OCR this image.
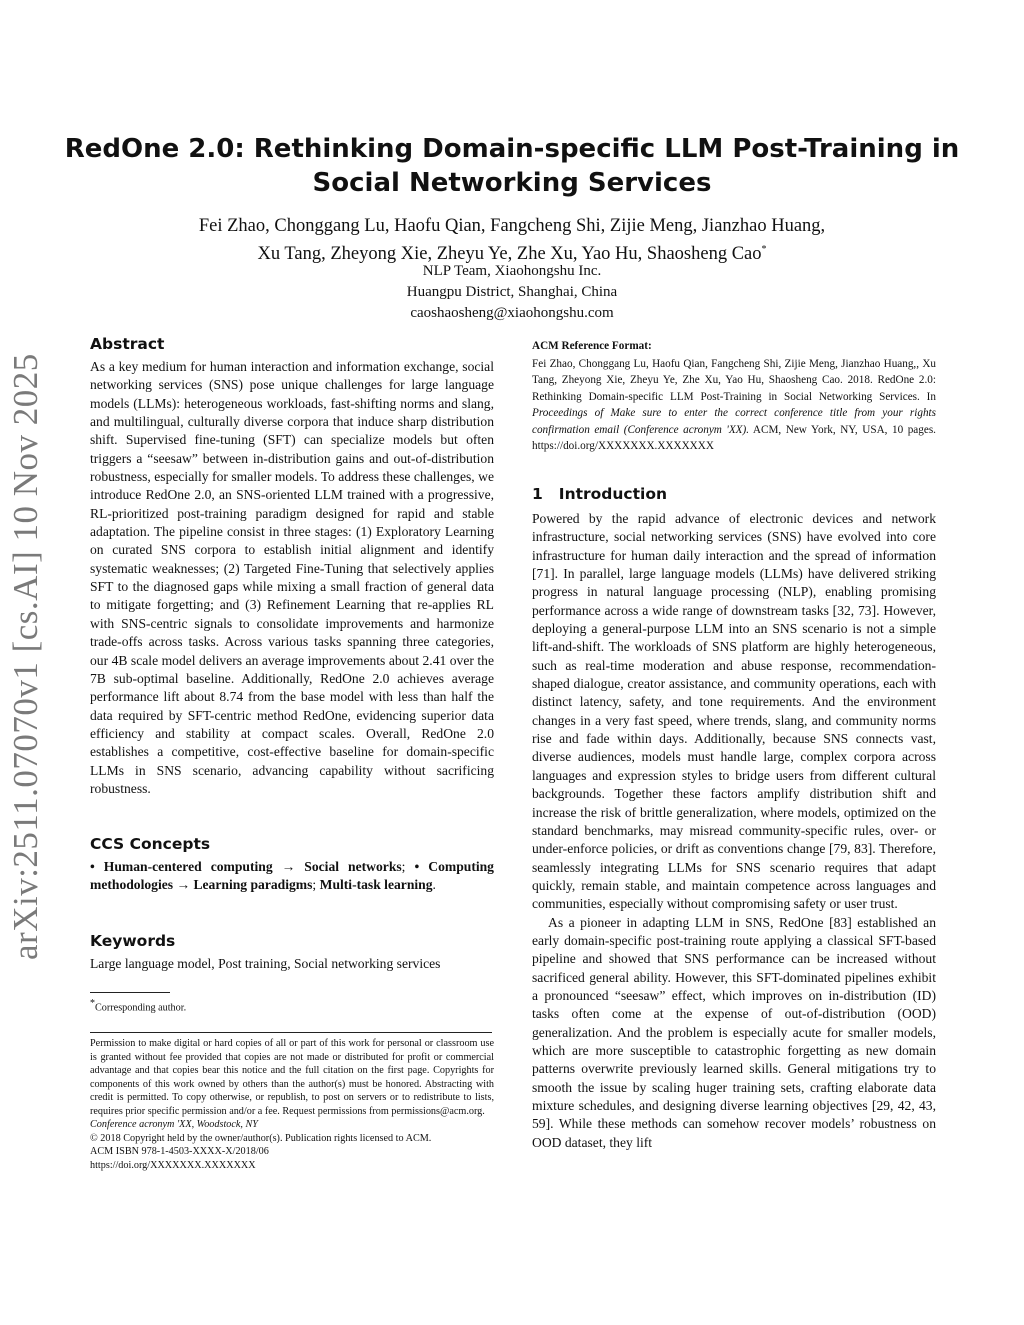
arXiv:2511.07070v1 [cs.AI] 10 Nov 2025
RedOne 2.0: Rethinking Domain-specific LLM Post-Training in
Social Networking Services
Fei Zhao, Chonggang Lu, Haofu Qian, Fangcheng Shi, Zijie Meng, Jianzhao Huang,
Xu Tang, Zheyong Xie, Zheyu Ye, Zhe Xu, Yao Hu, Shaosheng Cao*
NLP Team, Xiaohongshu Inc.
Huangpu District, Shanghai, China
caoshaosheng@xiaohongshu.com
Abstract

As a key medium for human interaction and information exchange, social networking services (SNS) pose unique challenges for large language models (LLMs): heterogeneous workloads, fast-shifting norms and slang, and multilingual, culturally diverse corpora that induce sharp distribution shift. Supervised fine-tuning (SFT) can specialize models but often triggers a “seesaw” between in-distribution gains and out-of-distribution robustness, especially for smaller models. To address these challenges, we introduce RedOne 2.0, an SNS-oriented LLM trained with a progressive, RL-prioritized post-training paradigm designed for rapid and stable adaptation. The pipeline consist in three stages: (1) Exploratory Learning on curated SNS corpora to establish initial alignment and identify systematic weaknesses; (2) Targeted Fine-Tuning that selectively applies SFT to the diagnosed gaps while mixing a small fraction of general data to mitigate forgetting; and (3) Refinement Learning that re-applies RL with SNS-centric signals to consolidate improvements and harmonize trade-offs across tasks. Across various tasks spanning three categories, our 4B scale model delivers an average improvements about 2.41 over the 7B sub-optimal baseline. Additionally, RedOne 2.0 achieves average performance lift about 8.74 from the base model with less than half the data required by SFT-centric method RedOne, evidencing superior data efficiency and stability at compact scales. Overall, RedOne 2.0 establishes a competitive, cost-effective baseline for domain-specific LLMs in SNS scenario, advancing capability without sacrificing robustness.

CCS Concepts

• Human-centered computing → Social networks; • Computing methodologies → Learning paradigms; Multi-task learning.

Keywords

Large language model, Post training, Social networking services

*Corresponding author.

Permission to make digital or hard copies of all or part of this work for personal or classroom use is granted without fee provided that copies are not made or distributed for profit or commercial advantage and that copies bear this notice and the full citation on the first page. Copyrights for components of this work owned by others than the author(s) must be honored. Abstracting with credit is permitted. To copy otherwise, or republish, to post on servers or to redistribute to lists, requires prior specific permission and/or a fee. Request permissions from permissions@acm.org.

Conference acronym 'XX, Woodstock, NY

© 2018 Copyright held by the owner/author(s). Publication rights licensed to ACM.

ACM ISBN 978-1-4503-XXXX-X/2018/06

https://doi.org/XXXXXXX.XXXXXXX

ACM Reference Format:

Fei Zhao, Chonggang Lu, Haofu Qian, Fangcheng Shi, Zijie Meng, Jianzhao Huang,, Xu Tang, Zheyong Xie, Zheyu Ye, Zhe Xu, Yao Hu, Shaosheng Cao. 2018. RedOne 2.0: Rethinking Domain-specific LLM Post-Training in Social Networking Services. In Proceedings of Make sure to enter the correct conference title from your rights confirmation email (Conference acronym 'XX). ACM, New York, NY, USA, 10 pages. https://doi.org/XXXXXXX.XXXXXXX

1 Introduction

Powered by the rapid advance of electronic devices and network infrastructure, social networking services (SNS) have evolved into core infrastructure for human daily interaction and the spread of information [71]. In parallel, large language models (LLMs) have delivered striking progress in natural language processing (NLP), enabling promising performance across a wide range of downstream tasks [32, 73]. However, deploying a general-purpose LLM into an SNS scenario is not a simple lift-and-shift. The workloads of SNS platform are highly heterogeneous, such as real-time moderation and abuse response, recommendation-shaped dialogue, creator assistance, and community operations, each with distinct latency, safety, and tone requirements. And the environment changes in a very fast speed, where trends, slang, and community norms rise and fade within days. Additionally, because SNS connects vast, diverse audiences, models must handle large, complex corpora across languages and expression styles to bridge users from different cultural backgrounds. Together these factors amplify distribution shift and increase the risk of brittle generalization, where models, optimized on the standard benchmarks, may misread community-specific rules, over- or under-enforce policies, or drift as conventions change [79, 83]. Therefore, seamlessly integrating LLMs for SNS scenario requires that adapt quickly, remain stable, and maintain competence across languages and communities, especially without compromising safety or user trust.

As a pioneer in adapting LLM in SNS, RedOne [83] established an early domain-specific post-training route applying a classical SFT-based pipeline and showed that SNS performance can be increased without sacrificed general ability. However, this SFT-dominated pipelines exhibit a pronounced “seesaw” effect, which improves on in-distribution (ID) tasks often come at the expense of out-of-distribution (OOD) generalization. And the problem is especially acute for smaller models, which are more susceptible to catastrophic forgetting as new domain patterns overwrite previously learned skills. General mitigations try to smooth the issue by scaling huger training sets, crafting elaborate data mixture schedules, and designing diverse learning objectives [29, 42, 43, 59]. While these methods can somehow recover models’ robustness on OOD dataset, they lift
